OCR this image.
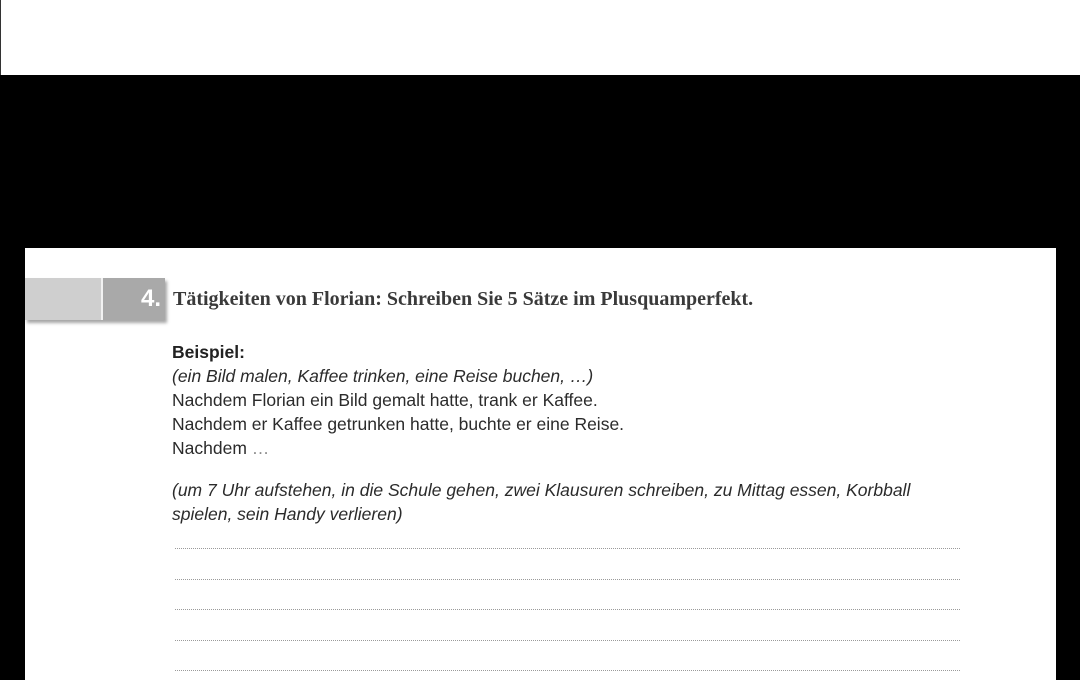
4. Tätigkeiten von Florian: Schreiben Sie 5 Sätze im Plusquamperfekt.
Beispiel:
(ein Bild malen, Kaffee trinken, eine Reise buchen, …)
Nachdem Florian ein Bild gemalt hatte, trank er Kaffee.
Nachdem er Kaffee getrunken hatte, buchte er eine Reise.
Nachdem …
(um 7 Uhr aufstehen, in die Schule gehen, zwei Klausuren schreiben, zu Mittag essen, Korbball spielen, sein Handy verlieren)
